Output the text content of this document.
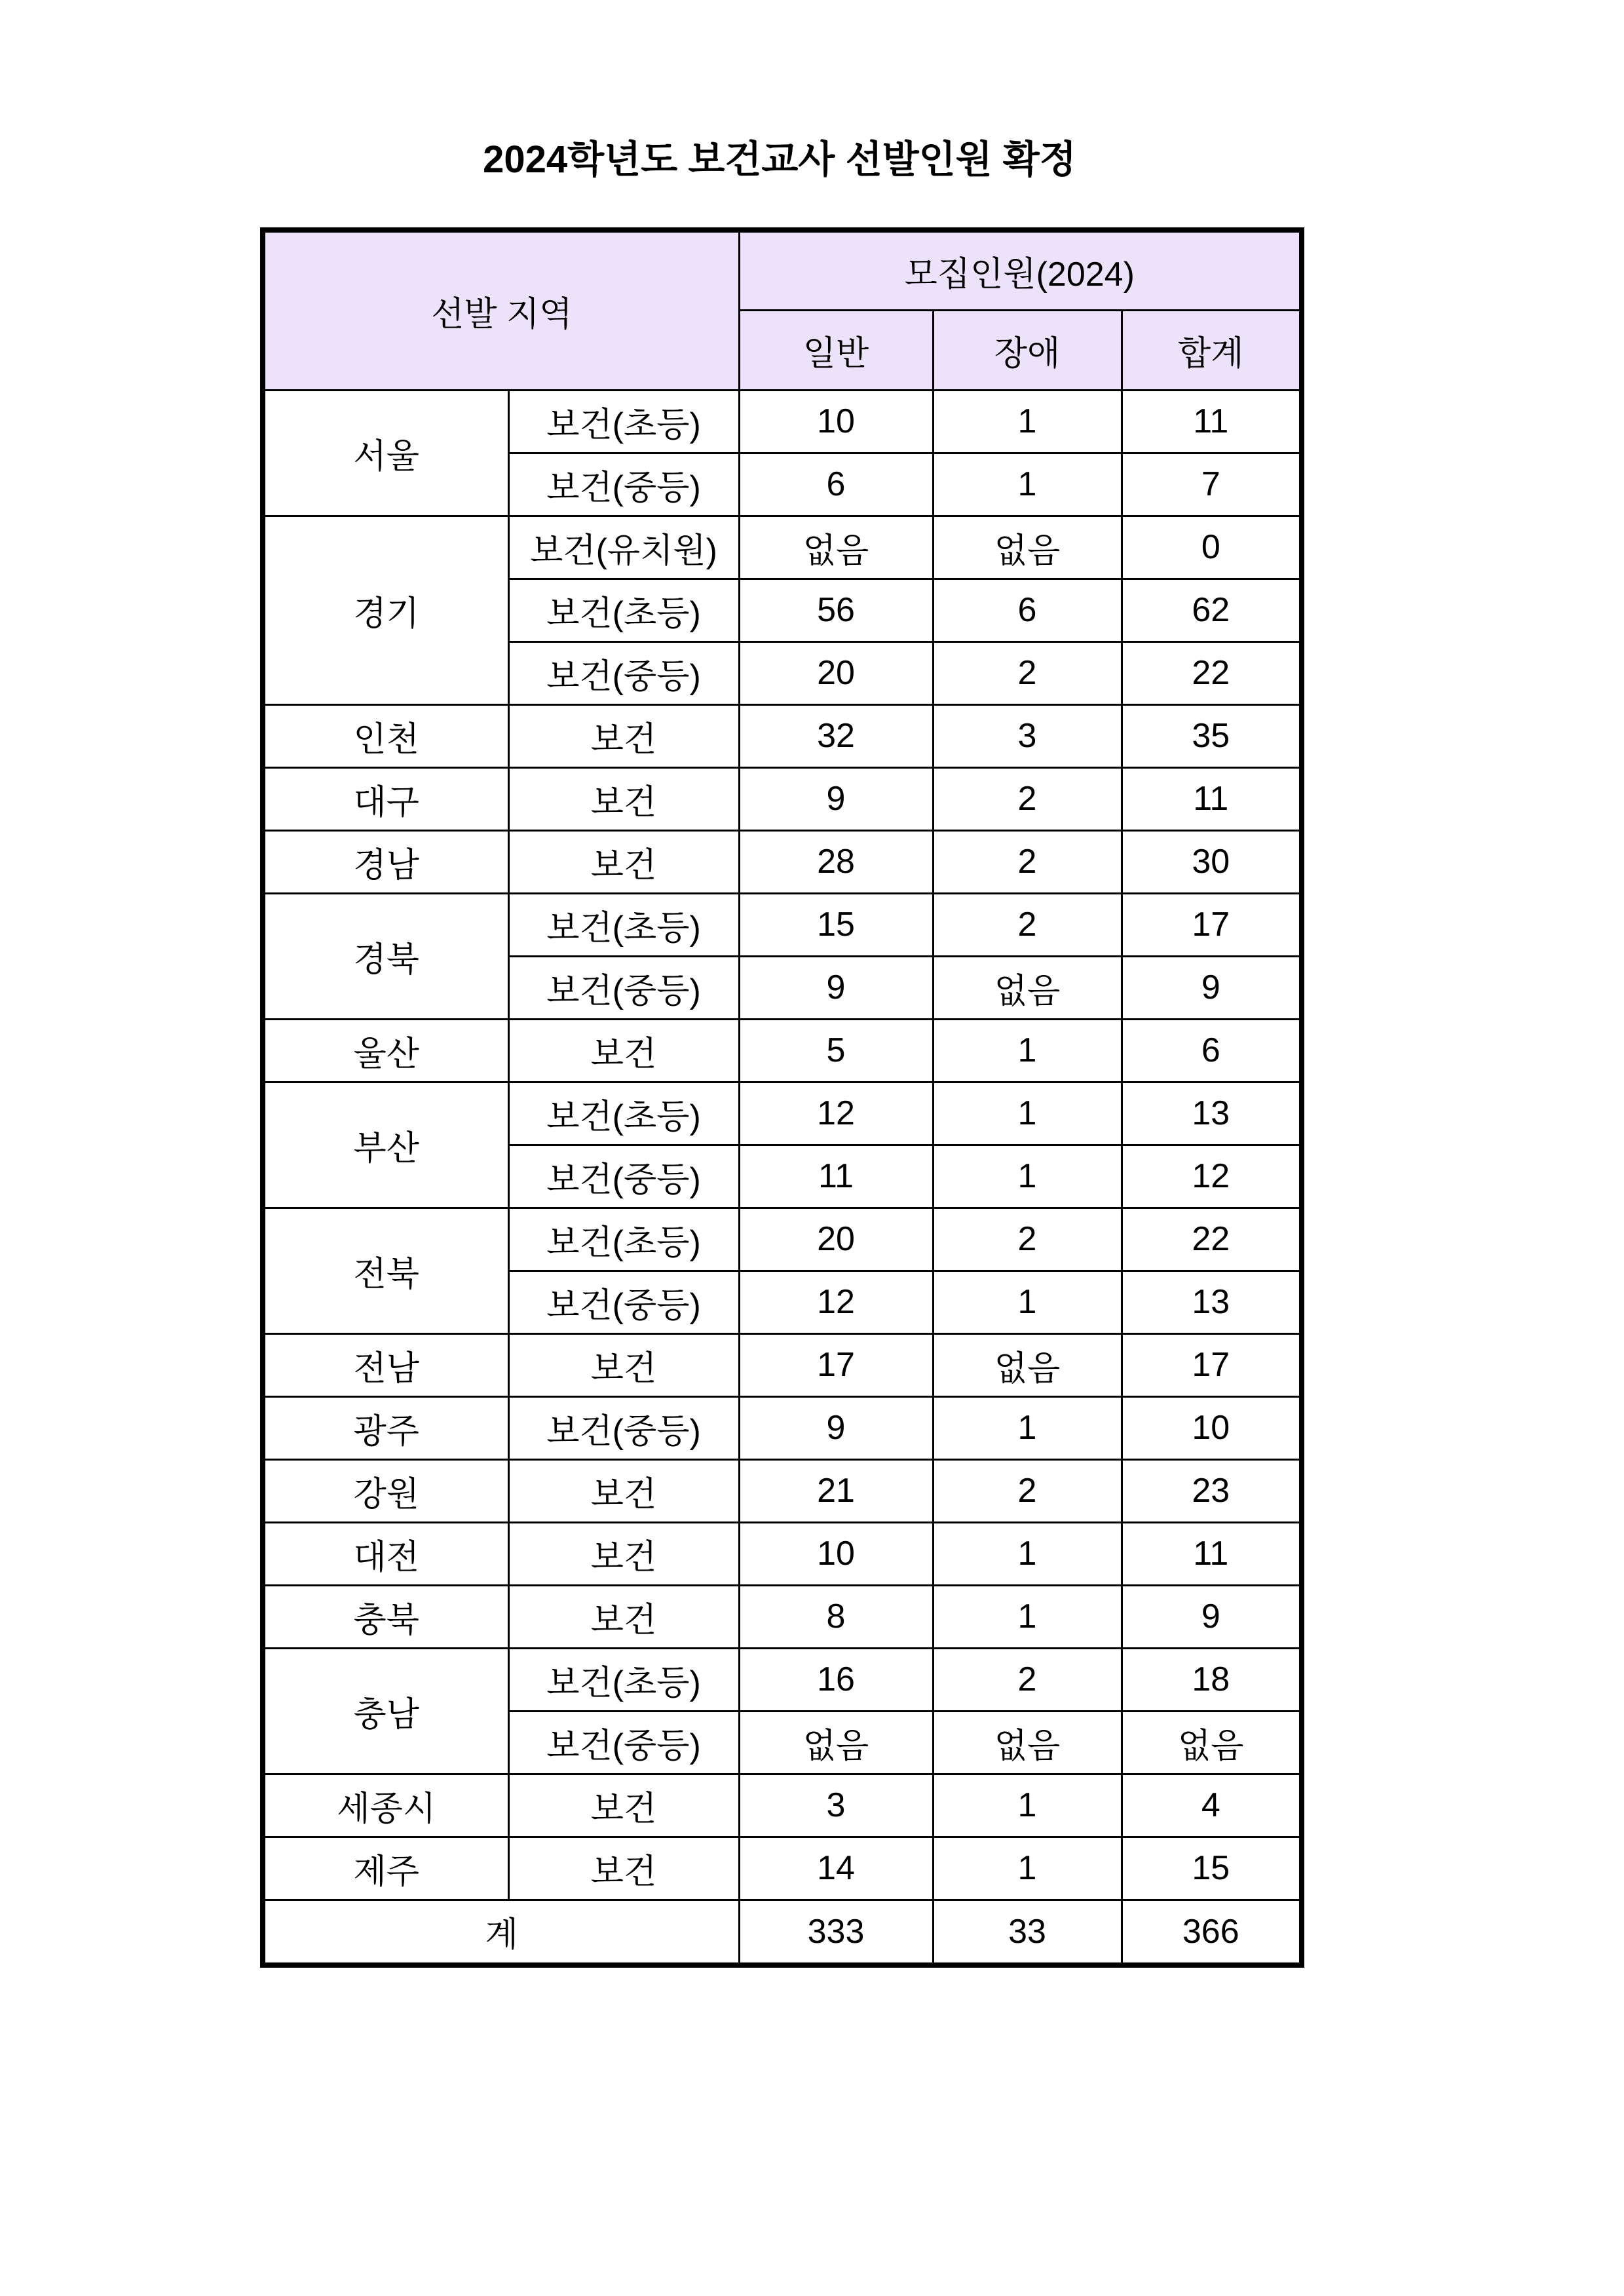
2024학년도 보건교사 선발인원 확정
선발 지역		모집인원(2024)		
		일반	장애	합계
서울	보건(초등)	10	1	11
	보건(중등)	6	1	7
경기	보건(유치원)	없음	없음	0
	보건(초등)	56	6	62
	보건(중등)	20	2	22
인천	보건	32	3	35
대구	보건	9	2	11
경남	보건	28	2	30
경북	보건(초등)	15	2	17
	보건(중등)	9	없음	9
울산	보건	5	1	6
부산	보건(초등)	12	1	13
	보건(중등)	11	1	12
전북	보건(초등)	20	2	22
	보건(중등)	12	1	13
전남	보건	17	없음	17
광주	보건(중등)	9	1	10
강원	보건	21	2	23
대전	보건	10	1	11
충북	보건	8	1	9
충남	보건(초등)	16	2	18
	보건(중등)	없음	없음	없음
세종시	보건	3	1	4
제주	보건	14	1	15
계		333	33	366
